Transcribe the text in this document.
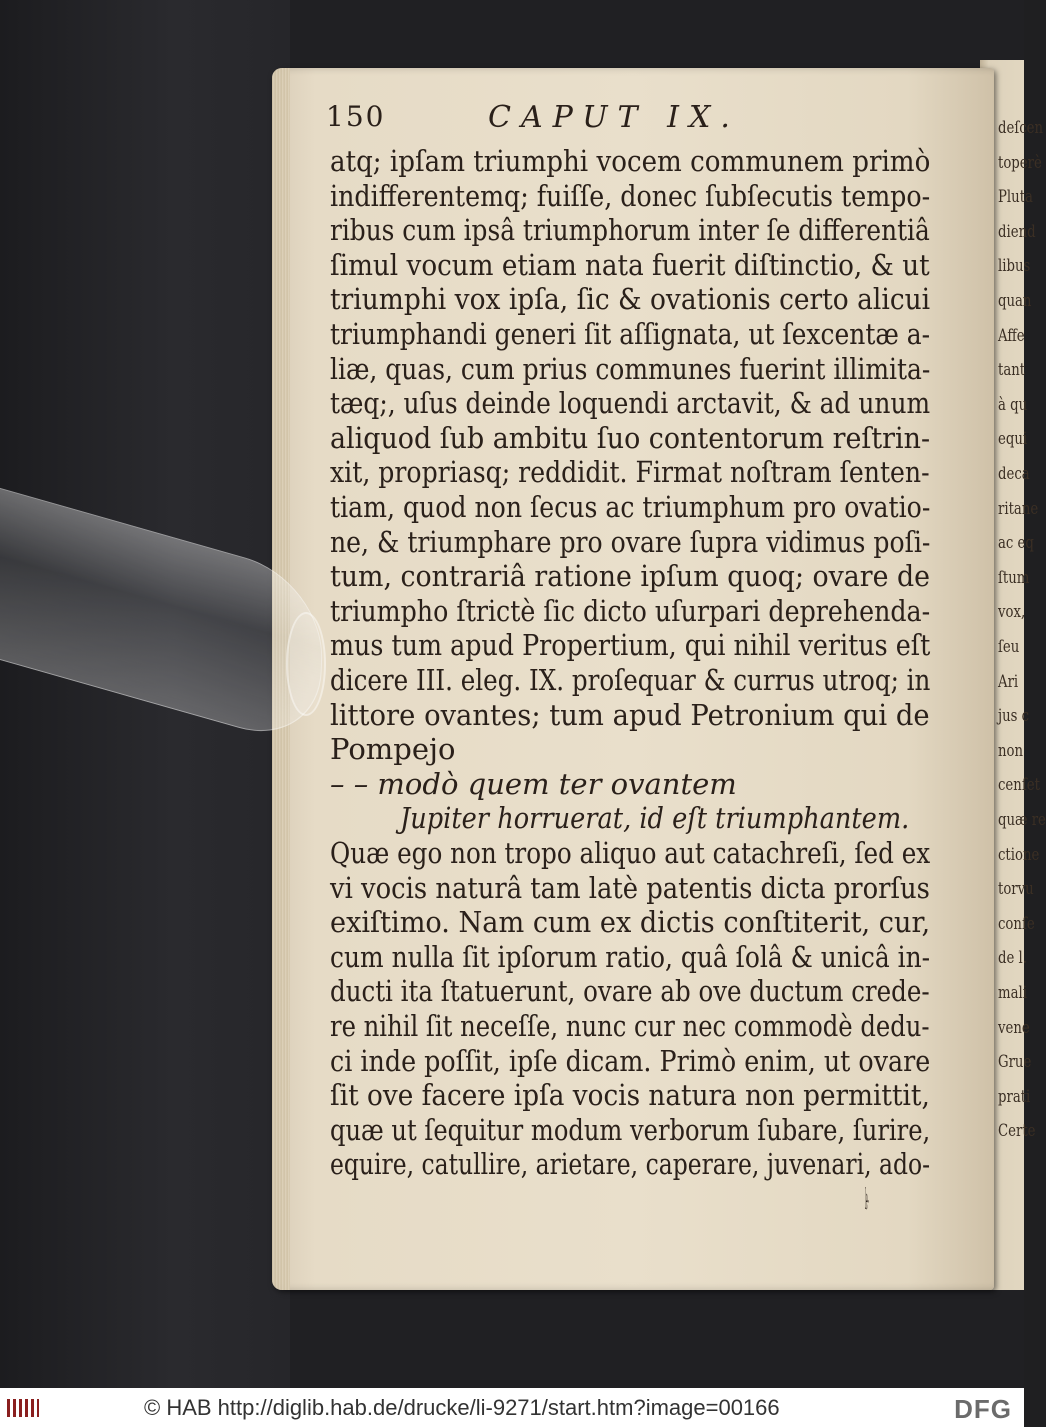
deſcen
toperè
Pluta
diend
libus
quan
Affe
tant
à qu
equi
deca
ritane
ac eq
ſtum
vox,
ſeu
Ari
jus c
non
cenſet
quæ re
ctione
torvu
conſe
de l.
mali
vene
Grue
prati
Certe
150	CAPUT IX.
atq; ipſam triumphi vocem communem primò
indifferentemq; fuiſſe, donec ſubſecutis tempo-
ribus cum ipsâ triumphorum inter ſe differentiâ
ſimul vocum etiam nata fuerit diſtinctio, & ut
triumphi vox ipſa, ſic & ovationis certo alicui
triumphandi generi ſit aſſignata, ut ſexcentæ a-
liæ, quas, cum prius communes fuerint illimita-
tæq;, uſus deinde loquendi arctavit, & ad unum
aliquod ſub ambitu ſuo contentorum reſtrin-
xit, propriasq; reddidit. Firmat noſtram ſenten-
tiam, quod non ſecus ac triumphum pro ovatio-
ne, & triumphare pro ovare ſupra vidimus poſi-
tum, contrariâ ratione ipſum quoq; ovare de
triumpho ſtrictè ſic dicto uſurpari deprehenda-
mus tum apud Propertium, qui nihil veritus eſt
dicere III. eleg. IX. proſequar & currus utroq; in
littore ovantes; tum apud Petronium qui de
Pompejo
– – modò quem ter ovantem
Jupiter horruerat, id eſt triumphantem.
Quæ ego non tropo aliquo aut catachreſi, ſed ex
vi vocis naturâ tam latè patentis dicta prorſus
exiſtimo. Nam cum ex dictis conſtiterit, cur,
cum nulla ſit ipſorum ratio, quâ ſolâ & unicâ in-
ducti ita ſtatuerunt, ovare ab ove ductum crede-
re nihil ſit neceſſe, nunc cur nec commodè dedu-
ci inde poſſit, ipſe dicam. Primò enim, ut ovare
ſit ove facere ipſa vocis natura non permittit,
quæ ut ſequitur modum verborum ſubare, ſurire,
equire, catullire, arietare, caperare, juvenari, ado-
le-
© HAB http://diglib.hab.de/drucke/li-9271/start.htm?image=00166	DFG
